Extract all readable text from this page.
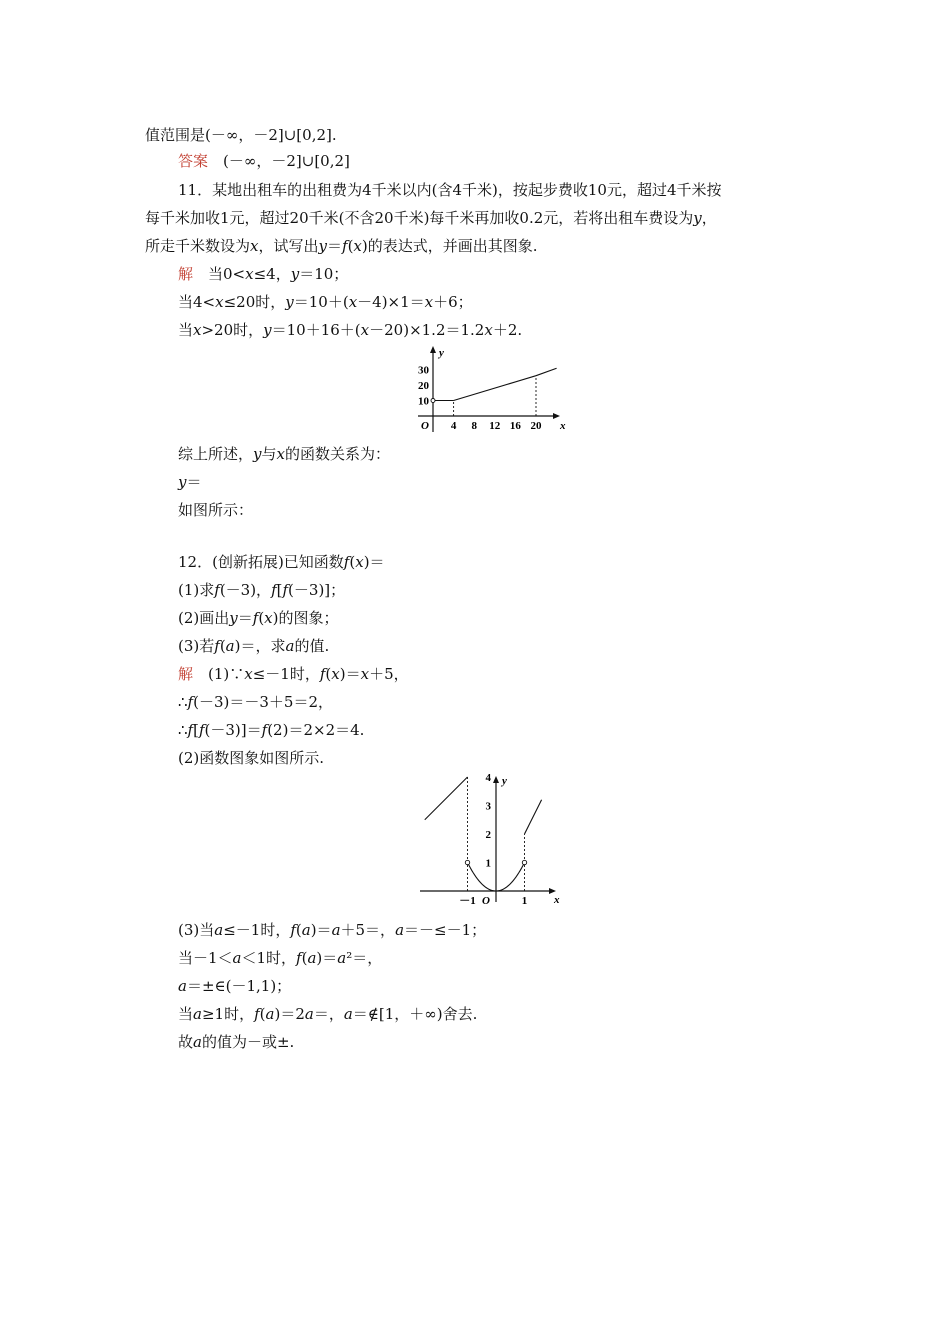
值范围是(－∞，－2]∪[0,2].
答案　(－∞，－2]∪[0,2]
11．某地出租车的出租费为4千米以内(含4千米)，按起步费收10元，超过4千米按
每千米加收1元，超过20千米(不含20千米)每千米再加收0.2元，若将出租车费设为y，
所走千米数设为x，试写出y＝f(x)的表达式，并画出其图象.
解　当0<x≤4，y＝10；
当4<x≤20时，y＝10＋(x－4)×1＝x＋6；
当x>20时，y＝10＋16＋(x－20)×1.2＝1.2x＋2.
综上所述，y与x的函数关系为：
y＝
如图所示：
12．(创新拓展)已知函数f(x)＝
(1)求f(－3)，f[f(－3)]；
(2)画出y＝f(x)的图象；
(3)若f(a)＝，求a的值.
解　(1)∵x≤－1时，f(x)＝x＋5，
∴f(－3)＝－3＋5＝2，
∴f[f(－3)]＝f(2)＝2×2＝4.
(2)函数图象如图所示.
(3)当a≤－1时，f(a)＝a＋5＝，a＝－≤－1；
当－1＜a＜1时，f(a)＝a²＝，
a＝±∈(－1,1)；
当a≥1时，f(a)＝2a＝，a＝∉[1，＋∞)舍去.
故a的值为－或±.
y
x
O 4 8 12 16 20
10
20
30
y
x
O
－1	1
1
2
3
4
